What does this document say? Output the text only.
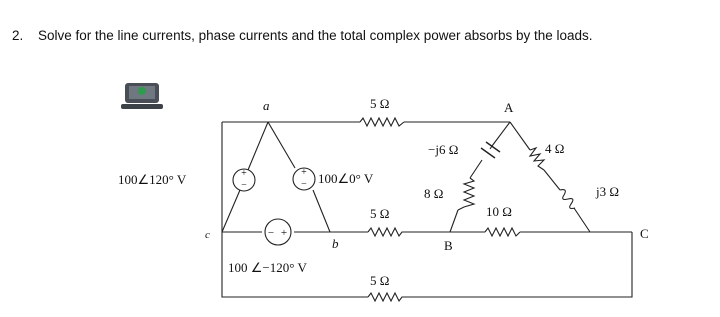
2. Solve for the line currents, phase currents and the total complex power absorbs by the loads.
+
−
+
−
− +
100∠120° V	100∠0° V
100 ∠−120° V
a
c
b
A
B
C
5 Ω
5 Ω
5 Ω
−j6 Ω
8 Ω
4 Ω
j3 Ω
10 Ω
